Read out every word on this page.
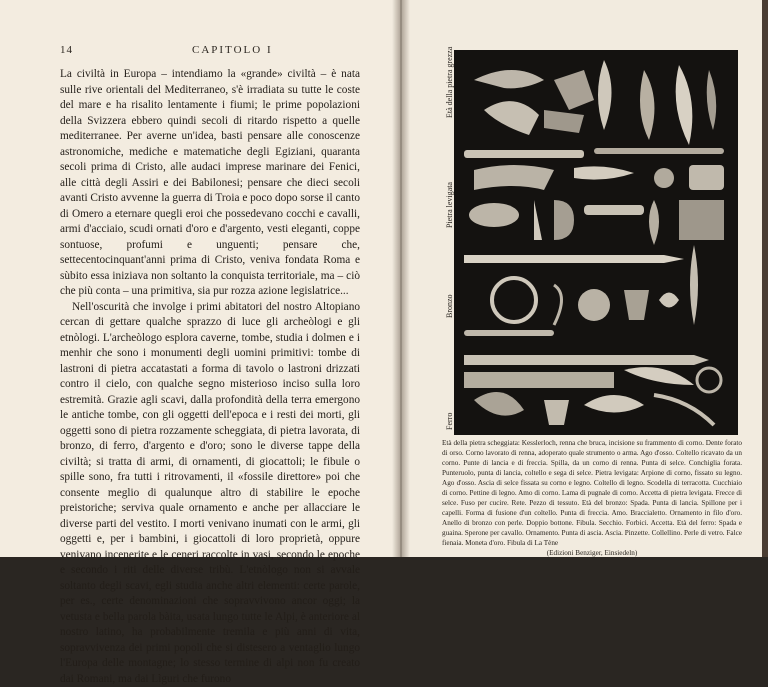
14	CAPITOLO I

La civiltà in Europa – intendiamo la «grande» civiltà – è nata sulle rive orientali del Mediterraneo, s'è irradiata su tutte le coste del mare e ha risalito lentamente i fiumi; le prime popolazioni della Svizzera ebbero quindi secoli di ritardo rispetto a quelle mediterranee. Per averne un'idea, basti pensare alle conoscenze astronomiche, mediche e matematiche degli Egiziani, quaranta secoli prima di Cristo, alle audaci imprese marinare dei Fenici, alle città degli Assiri e dei Babilonesi; pensare che dieci secoli avanti Cristo avvenne la guerra di Troia e poco dopo sorse il canto di Omero a eternare quegli eroi che possedevano cocchi e cavalli, armi d'acciaio, scudi ornati d'oro e d'argento, vesti eleganti, coppe sontuose, profumi e unguenti; pensare che, settecentocinquant'anni prima di Cristo, veniva fondata Roma e sùbito essa iniziava non soltanto la conquista territoriale, ma – ciò che più conta – una primitiva, sia pur rozza azione legislatrice...

Nell'oscurità che involge i primi abitatori del nostro Altopiano cercan di gettare qualche sprazzo di luce gli archeòlogi e gli etnòlogi. L'archeòlogo esplora caverne, tombe, studia i dolmen e i menhir che sono i monumenti degli uomini primitivi: tombe di lastroni di pietra accatastati a forma di tavolo o lastroni drizzati contro il cielo, con qualche segno misterioso inciso sulla loro estremità. Grazie agli scavi, dalla profondità della terra emergono le antiche tombe, con gli oggetti dell'epoca e i resti dei morti, gli oggetti sono di pietra rozzamente scheggiata, di pietra lavorata, di bronzo, di ferro, d'argento e d'oro; sono le diverse tappe della civiltà; si tratta di armi, di ornamenti, di giocattoli; le fibule o spille sono, fra tutti i ritrovamenti, il «fossile direttore» poi che consente meglio di qualunque altro di stabilire le epoche preistoriche; serviva quale ornamento e anche per allacciare le diverse parti del vestito. I morti venivano inumati con le armi, gli oggetti e, per i bambini, i giocattoli di loro proprietà, oppure venivano incenerite e le ceneri raccolte in vasi, secondo le epoche e secondo i riti delle diverse tribù. L'etnòlogo non si avvale soltanto degli scavi, egli studia anche altri elementi: certe parole, per es., certe denominazioni che sopravvivono ancor oggi; la vetusta e bella parola bàita, usata lungo tutte le Alpi, è anteriore al nostro latino, ha probabilmente tremila e più anni di vita, sopravvivenza dei primi popoli che si distesero a ventaglio lungo l'Europa delle montagne; lo stesso termine di alpi non fu creato dai Romani, ma dai Lìguri che furono

Età della pietra grezza
Pietra levigata
Bronzo
Ferro

Età della pietra scheggiata: Kesslerloch, renna che bruca, incisione su frammento di corno. Dente forato di orso. Corno lavorato di renna, adoperato quale strumento o arma. Ago d'osso. Coltello ricavato da un corno. Punte di lancia e di freccia. Spilla, da un corno di renna. Punta di selce. Conchiglia forata. Punteruolo, punta di lancia, coltello e sega di selce. Pietra levigata: Arpione di corno, fissato su legno. Ago d'osso. Ascia di selce fissata su corno e legno. Coltello di legno. Scodella di terracotta. Cucchiaio di corno. Pettine di legno. Amo di corno. Lama di pugnale di corno. Accetta di pietra levigata. Frecce di selce. Fuso per cucire. Rete. Pezzo di tessuto. Età del bronzo: Spada. Punta di lancia. Spillone per i capelli. Forma di fusione d'un coltello. Punta di freccia. Amo. Braccialetto. Ornamento in filo d'oro. Anello di bronzo con perle. Doppio bottone. Fibula. Secchio. Forbici. Accetta. Età del ferro: Spada e guaina. Sperone per cavallo. Ornamento. Punta di ascia. Ascia. Pinzette. Collellino. Perle di vetro. Falce fienaia. Moneta d'oro. Fibula di La Tène

(Edizioni Benziger, Einsiedeln)
